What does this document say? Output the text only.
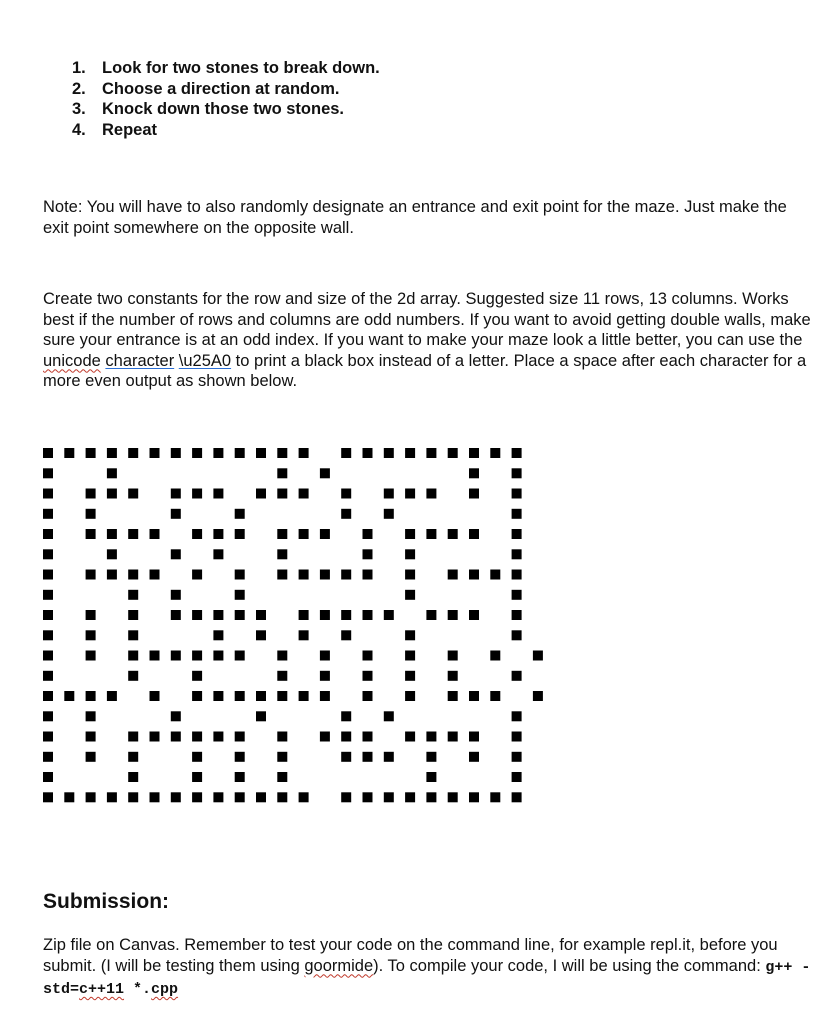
1. Look for two stones to break down.
2. Choose a direction at random.
3. Knock down those two stones.
4. Repeat

Note: You will have to also randomly designate an entrance and exit point for the maze. Just make the exit point somewhere on the opposite wall.

Create two constants for the row and size of the 2d array. Suggested size 11 rows, 13 columns. Works best if the number of rows and columns are odd numbers. If you want to avoid getting double walls, make sure your entrance is at an odd index. If you want to make your maze look a little better, you can use the unicode character \u25A0 to print a black box instead of a letter. Place a space after each character for a more even output as shown below.

Submission:

Zip file on Canvas. Remember to test your code on the command line, for example repl.it, before you submit. (I will be testing them using goormide). To compile your code, I will be using the command: g++ -std=c++11 *.cpp
